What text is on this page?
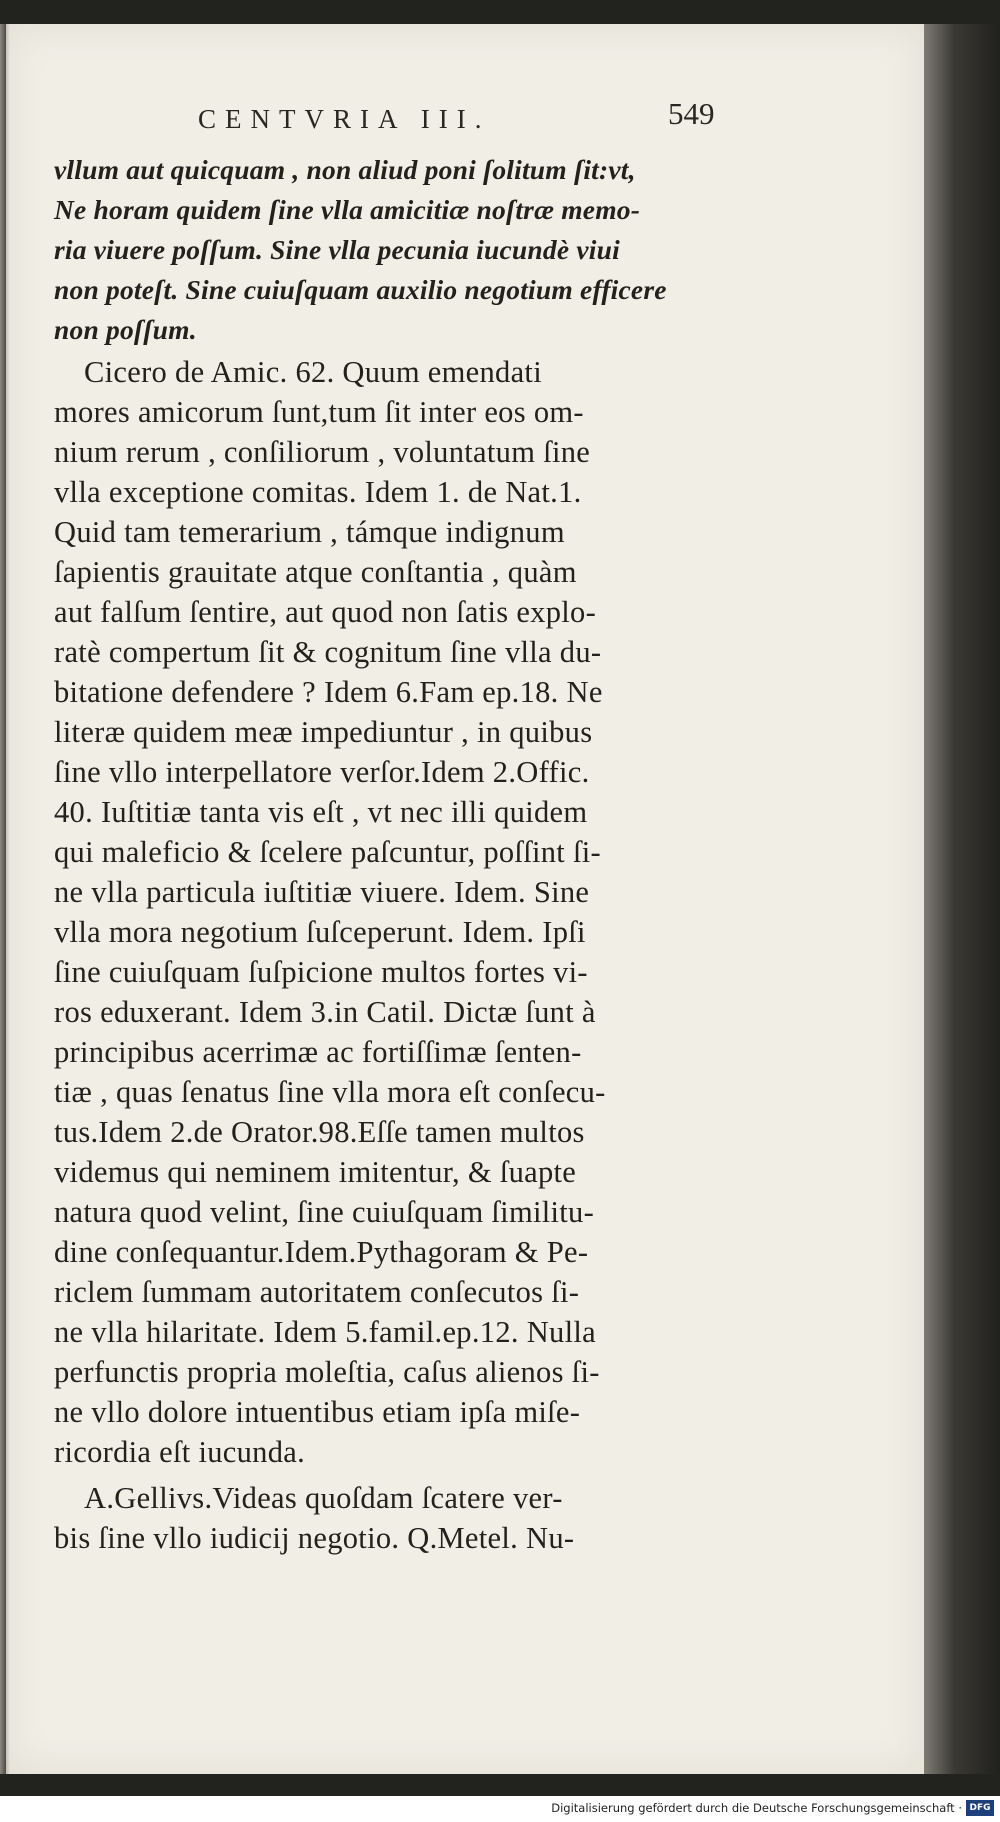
CENTVRIA III.	549
vllum aut quicquam , non aliud poni ſolitum ſit:vt,
Ne horam quidem ſine vlla amicitiæ noſtræ memo-
ria viuere poſſum. Sine vlla pecunia iucundè viui
non poteſt. Sine cuiuſquam auxilio negotium efficere
non poſſum.
Cicero de Amic. 62. Quum emendati
mores amicorum ſunt,tum ſit inter eos om-
nium rerum , conſiliorum , voluntatum ſine
vlla exceptione comitas. Idem 1. de Nat.1.
Quid tam temerarium , támque indignum
ſapientis grauitate atque conſtantia , quàm
aut falſum ſentire, aut quod non ſatis explo-
ratè compertum ſit & cognitum ſine vlla du-
bitatione defendere ? Idem 6.Fam ep.18. Ne
literæ quidem meæ impediuntur , in quibus
ſine vllo interpellatore verſor.Idem 2.Offic.
40. Iuſtitiæ tanta vis eſt , vt nec illi quidem
qui maleficio & ſcelere paſcuntur, poſſint ſi-
ne vlla particula iuſtitiæ viuere. Idem. Sine
vlla mora negotium ſuſceperunt. Idem. Ipſi
ſine cuiuſquam ſuſpicione multos fortes vi-
ros eduxerant. Idem 3.in Catil. Dictæ ſunt à
principibus acerrimæ ac fortiſſimæ ſenten-
tiæ , quas ſenatus ſine vlla mora eſt conſecu-
tus.Idem 2.de Orator.98.Eſſe tamen multos
videmus qui neminem imitentur, & ſuapte
natura quod velint, ſine cuiuſquam ſimilitu-
dine conſequantur.Idem.Pythagoram & Pe-
riclem ſummam autoritatem conſecutos ſi-
ne vlla hilaritate. Idem 5.famil.ep.12. Nulla
perfunctis propria moleſtia, caſus alienos ſi-
ne vllo dolore intuentibus etiam ipſa miſe-
ricordia eſt iucunda.
A.Gellivs.Videas quoſdam ſcatere ver-
bis ſine vllo iudicij negotio. Q.Metel. Nu-
Digitalisierung gefördert durch die Deutsche Forschungsgemeinschaft · DFG
